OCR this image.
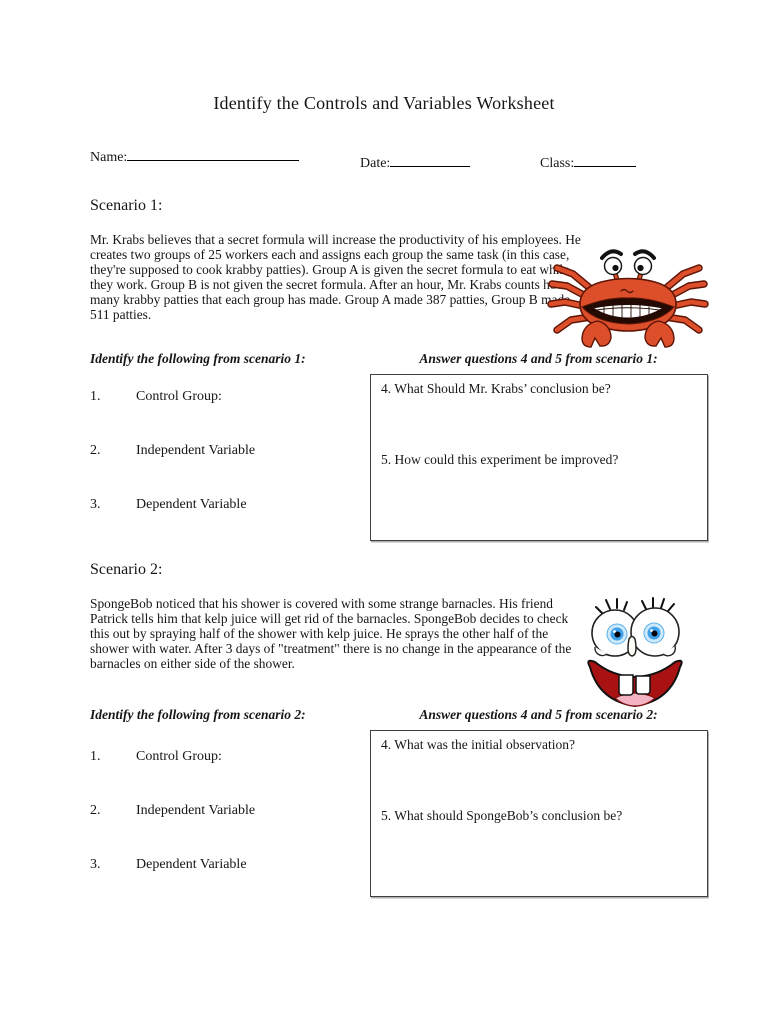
Identify the Controls and Variables Worksheet
Name:	Date:	Class:
Scenario 1:

Mr. Krabs believes that a secret formula will increase the productivity of his employees. He creates two groups of 25 workers each and assigns each group the same task (in this case, they're supposed to cook krabby patties). Group A is given the secret formula to eat while they work. Group B is not given the secret formula. After an hour, Mr. Krabs counts how many krabby patties that each group has made. Group A made 387 patties, Group B made 511 patties.

Identify the following from scenario 1:	Answer questions 4 and 5 from scenario 1:

4. What Should Mr. Krabs’ conclusion be?

5. How could this experiment be improved?

1.	Control Group:
2.	Independent Variable
3.	Dependent Variable
Scenario 2:

SpongeBob noticed that his shower is covered with some strange barnacles. His friend Patrick tells him that kelp juice will get rid of the barnacles. SpongeBob decides to check this out by spraying half of the shower with kelp juice. He sprays the other half of the shower with water. After 3 days of "treatment" there is no change in the appearance of the barnacles on either side of the shower.

Identify the following from scenario 2:	Answer questions 4 and 5 from scenario 2:

4. What was the initial observation?

5. What should SpongeBob’s conclusion be?

1.	Control Group:
2.	Independent Variable
3.	Dependent Variable
